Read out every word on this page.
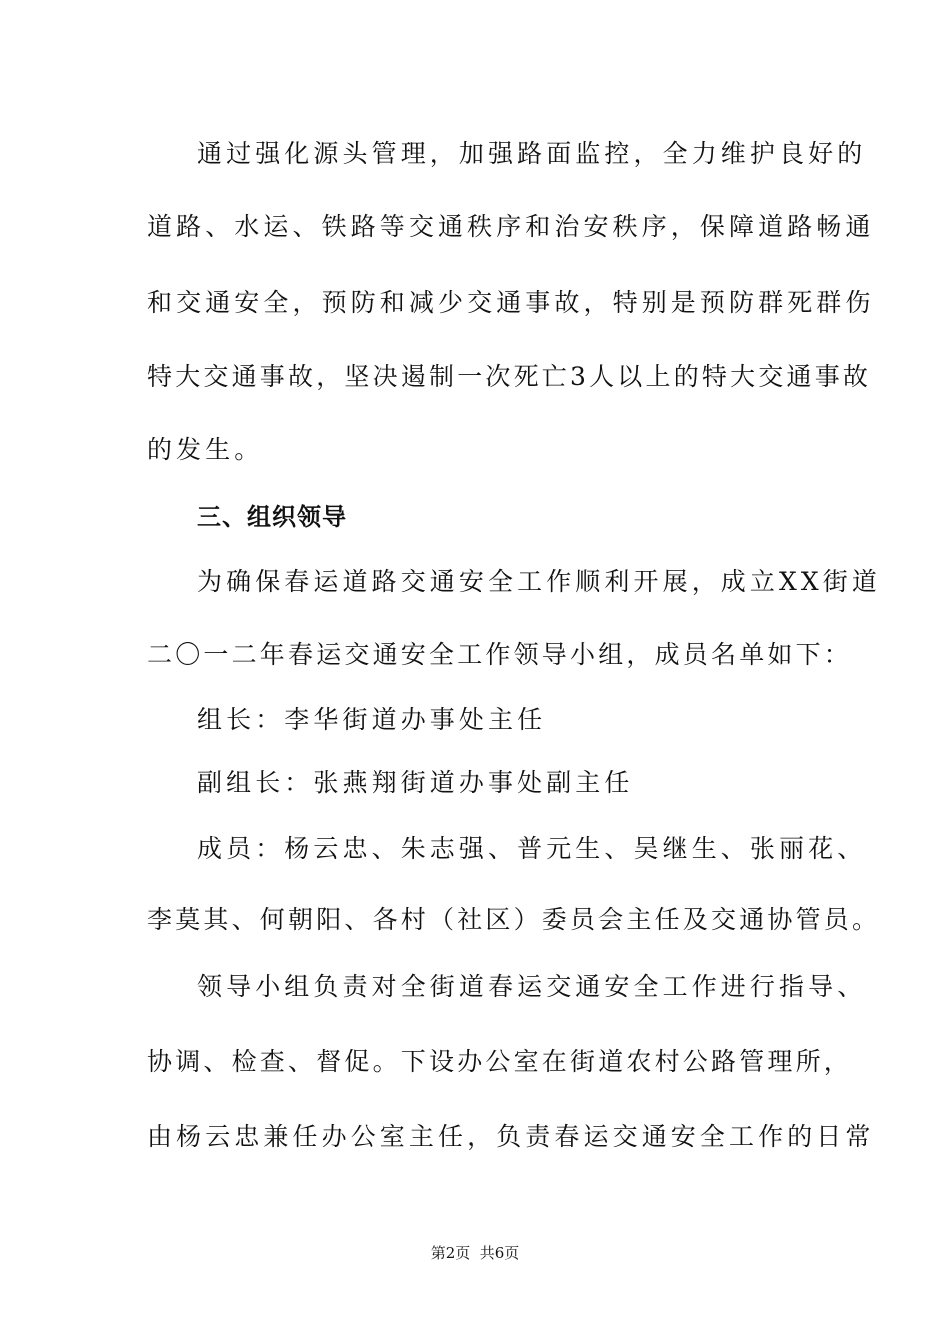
通过强化源头管理，加强路面监控，全力维护良好的
道路、水运、铁路等交通秩序和治安秩序，保障道路畅通
和交通安全，预防和减少交通事故，特别是预防群死群伤
特大交通事故，坚决遏制一次死亡3人以上的特大交通事故
的发生。
三、组织领导
为确保春运道路交通安全工作顺利开展，成立XX街道
二〇一二年春运交通安全工作领导小组，成员名单如下：
组长：李华街道办事处主任
副组长：张燕翔街道办事处副主任
成员：杨云忠、朱志强、普元生、吴继生、张丽花、
李莫其、何朝阳、各村（社区）委员会主任及交通协管员。
领导小组负责对全街道春运交通安全工作进行指导、
协调、检查、督促。下设办公室在街道农村公路管理所，
由杨云忠兼任办公室主任，负责春运交通安全工作的日常
第2页  共6页
